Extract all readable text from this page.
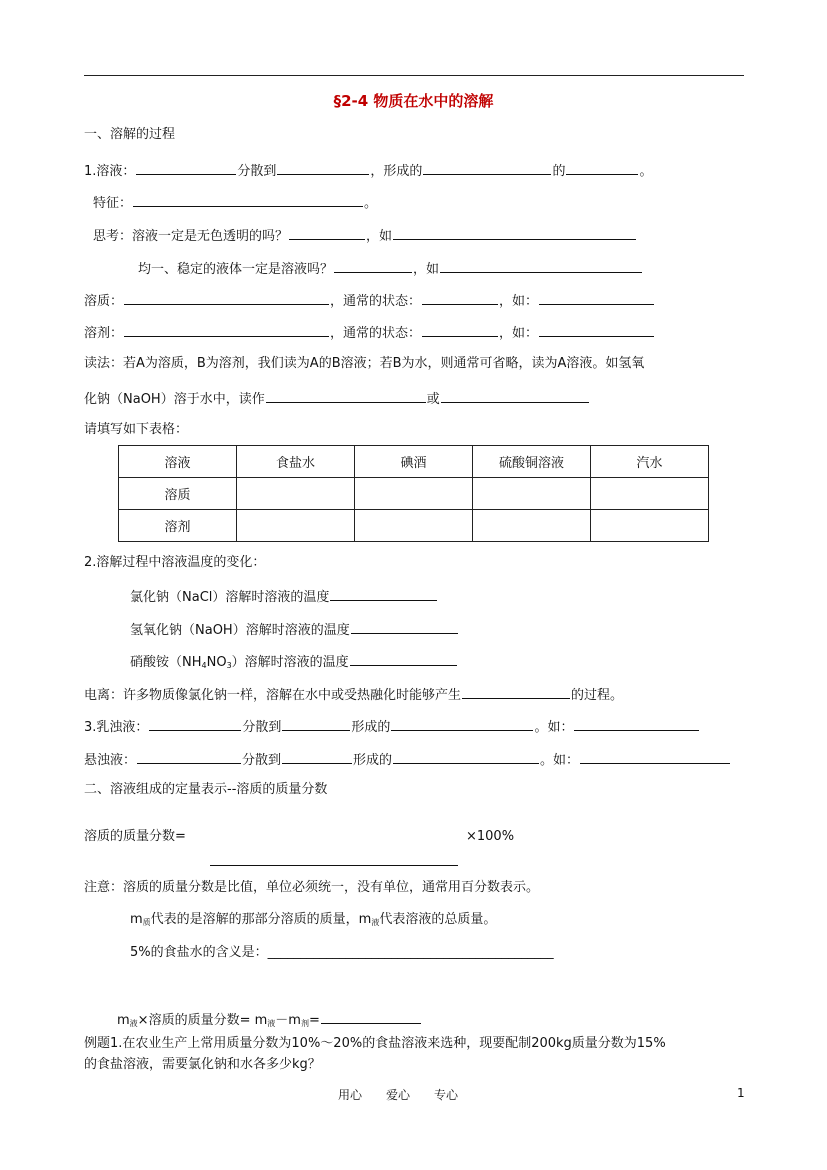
§2-4 物质在水中的溶解
一、溶解的过程
1.溶液：	分散到	，形成的	的	。
特征：	。
思考：溶液一定是无色透明的吗？	，如
均一、稳定的液体一定是溶液吗？	，如
溶质：	，通常的状态：	，如：
溶剂：	，通常的状态：	，如：
读法：若A为溶质，B为溶剂，我们读为A的B溶液；若B为水，则通常可省略，读为A溶液。如氢氧
化钠（NaOH）溶于水中，读作	或
请填写如下表格：
溶液	食盐水	碘酒	硫酸铜溶液	汽水
溶质				
溶剂				
2.溶解过程中溶液温度的变化：
氯化钠（NaCl）溶解时溶液的温度
氢氧化钠（NaOH）溶解时溶液的温度
硝酸铵$(NH_4NO_3)$溶解时溶液的温度
电离：许多物质像氯化钠一样，溶解在水中或受热融化时能够产生	的过程。
3.乳浊液：	分散到	形成的	。如：
悬浊液：	分散到	形成的	。如：
二、溶液组成的定量表示--溶质的质量分数
溶质的质量分数=	×100%
注意：溶质的质量分数是比值，单位必须统一，没有单位，通常用百分数表示。
$m_质$代表的是溶解的那部分溶质的质量，$m_液$代表溶液的总质量。
5%的食盐水的含义是：____________________________________________
$m_液\times$溶质的质量分数= $m_液-m_剂=$
例题1.在农业生产上常用质量分数为10%～20%的食盐溶液来选种，现要配制200kg质量分数为15%
的食盐溶液，需要氯化钠和水各多少kg？
用心　　爱心　　专心	1
